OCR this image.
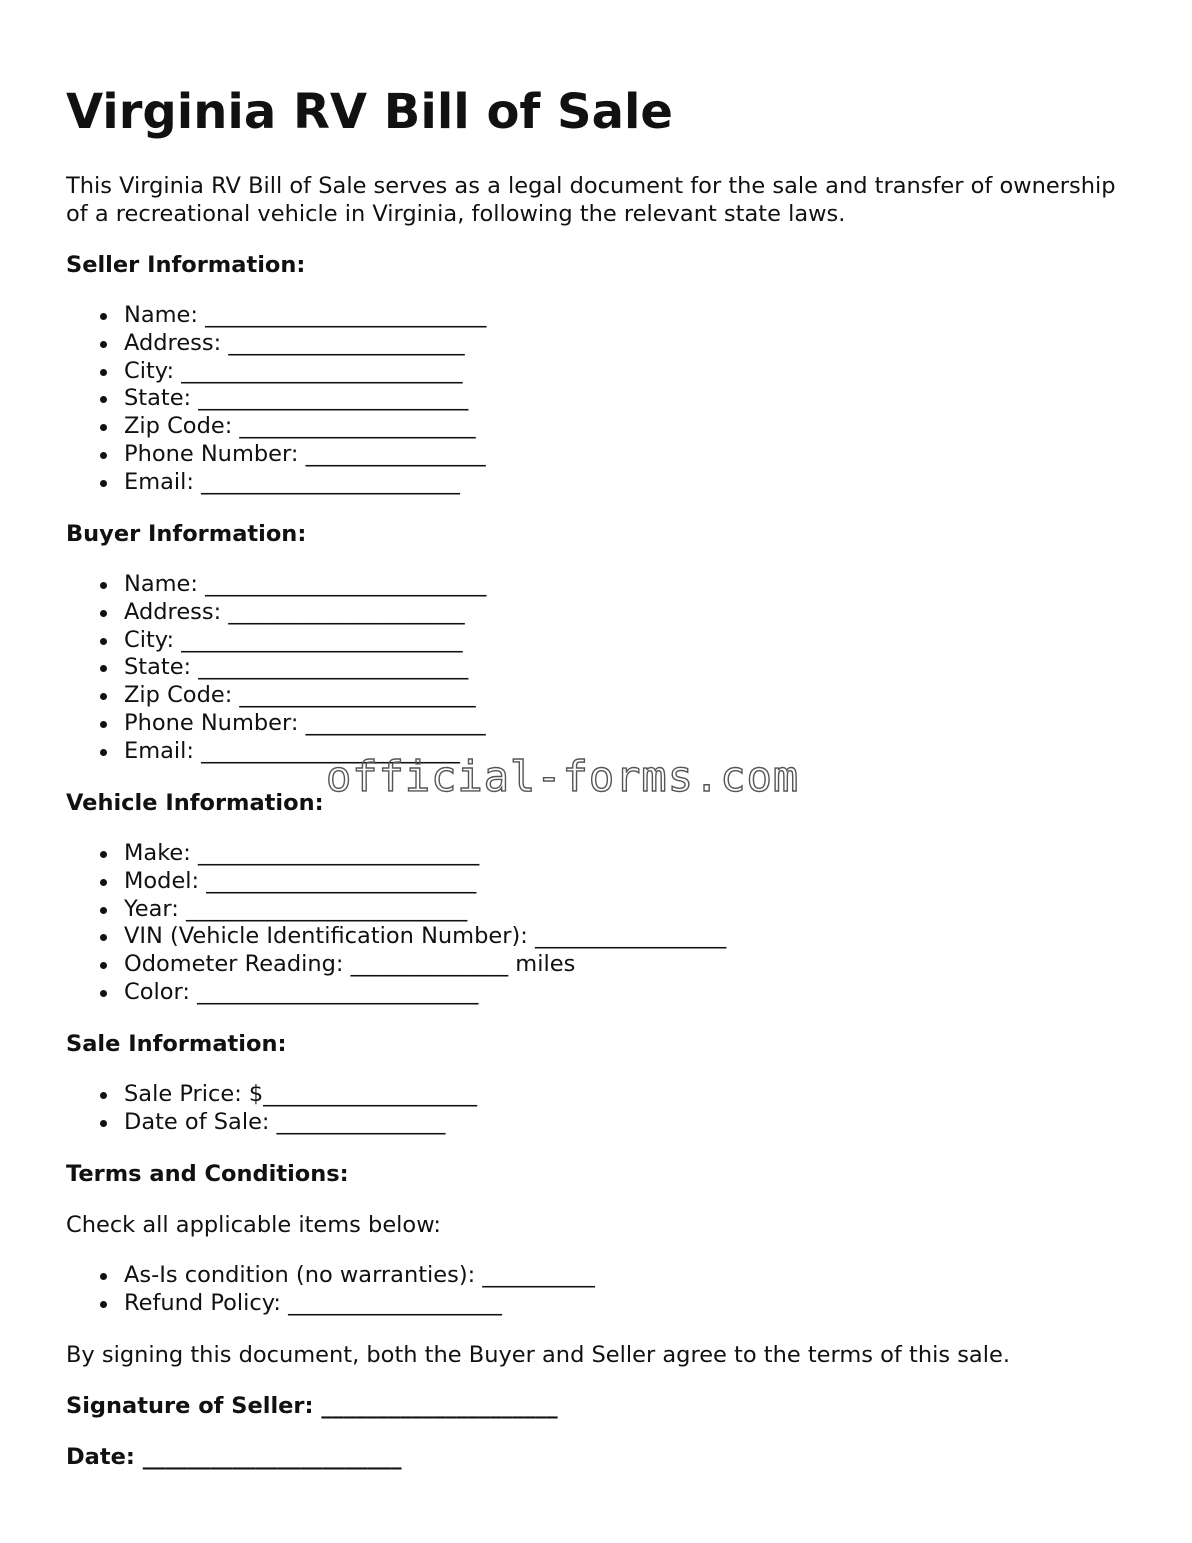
Virginia RV Bill of Sale

This Virginia RV Bill of Sale serves as a legal document for the sale and transfer of ownership of a recreational vehicle in Virginia, following the relevant state laws.

Seller Information:

Name: _________________________
Address: _____________________
City: _________________________
State: ________________________
Zip Code: _____________________
Phone Number: ________________
Email: _______________________

Buyer Information:

Name: _________________________
Address: _____________________
City: _________________________
State: ________________________
Zip Code: _____________________
Phone Number: ________________
Email: _______________________

Vehicle Information:

Make: _________________________
Model: ________________________
Year: _________________________
VIN (Vehicle Identification Number): _________________
Odometer Reading: ______________ miles
Color: _________________________

Sale Information:

Sale Price: $___________________
Date of Sale: _______________

Terms and Conditions:

Check all applicable items below:

As-Is condition (no warranties): __________
Refund Policy: ___________________

By signing this document, both the Buyer and Seller agree to the terms of this sale.

Signature of Seller: _____________________

Date: _______________________

official-forms.com
